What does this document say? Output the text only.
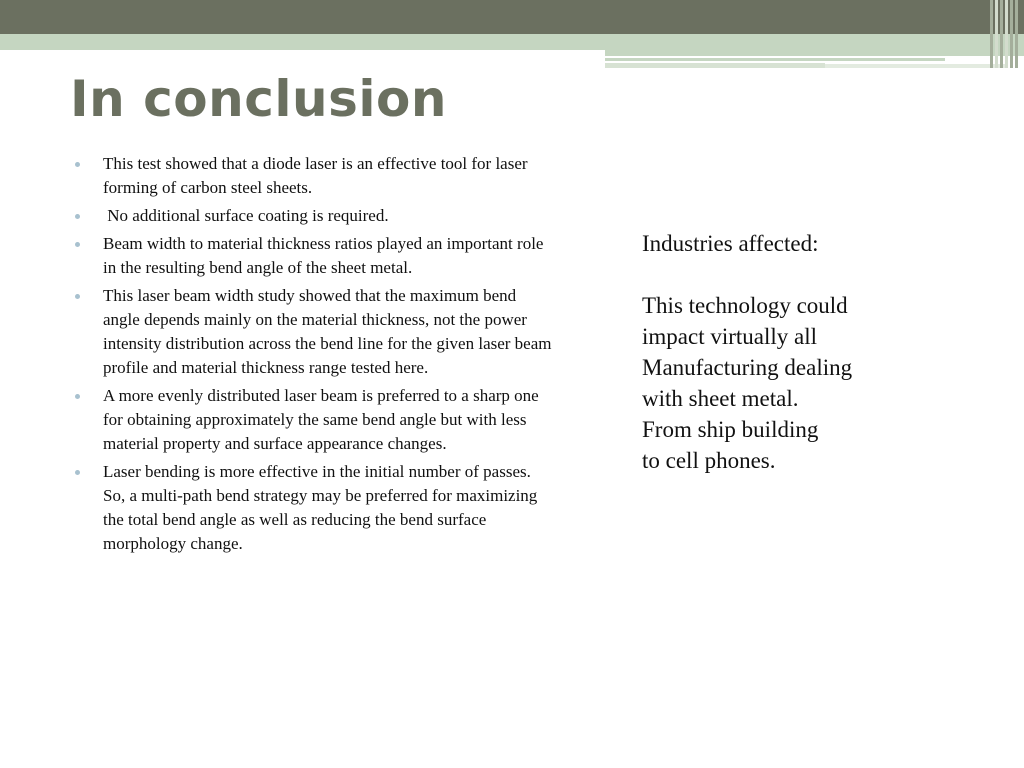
In conclusion
This test showed that a diode laser is an effective tool for laser forming of carbon steel sheets.
No additional surface coating is required.
Beam width to material thickness ratios played an important role in the resulting bend angle of the sheet metal.
This laser beam width study showed that the maximum bend angle depends mainly on the material thickness, not the power intensity distribution across the bend line for the given laser beam profile and material thickness range tested here.
A more evenly distributed laser beam is preferred to a sharp one for obtaining approximately the same bend angle but with less material property and surface appearance changes.
Laser bending is more effective in the initial number of passes. So, a multi-path bend strategy may be preferred for maximizing the total bend angle as well as reducing the bend surface morphology change.
Industries affected:
This technology could
impact virtually all
Manufacturing dealing
with sheet metal.
From ship building
to cell phones.
